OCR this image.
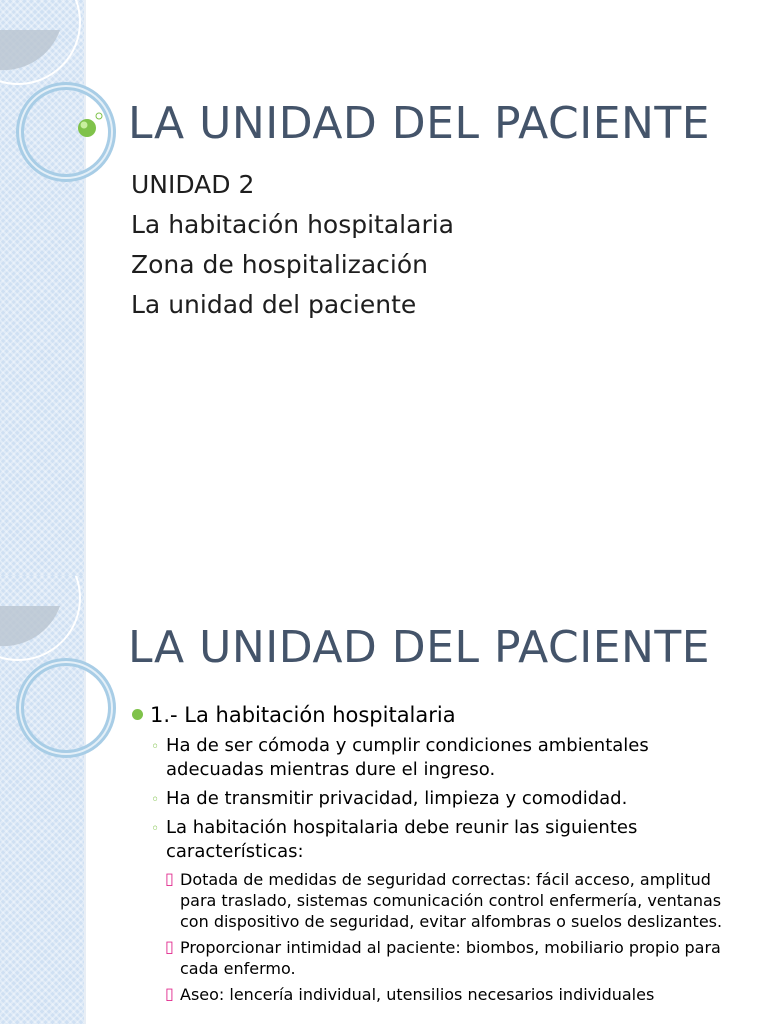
LA UNIDAD DEL PACIENTE

UNIDAD 2

La habitación hospitalaria

Zona de hospitalización

La unidad del paciente

LA UNIDAD DEL PACIENTE
1.- La habitación hospitalaria
◦ Ha de ser cómoda y cumplir condiciones ambientales adecuadas mientras dure el ingreso.
◦ Ha de transmitir privacidad, limpieza y comodidad.
◦ La habitación hospitalaria debe reunir las siguientes características:
▯ Dotada de medidas de seguridad correctas: fácil acceso, amplitud para traslado, sistemas comunicación control enfermería, ventanas con dispositivo de seguridad, evitar alfombras o suelos deslizantes.
▯ Proporcionar intimidad al paciente: biombos, mobiliario propio para cada enfermo.
▯ Aseo: lencería individual, utensilios necesarios individuales
